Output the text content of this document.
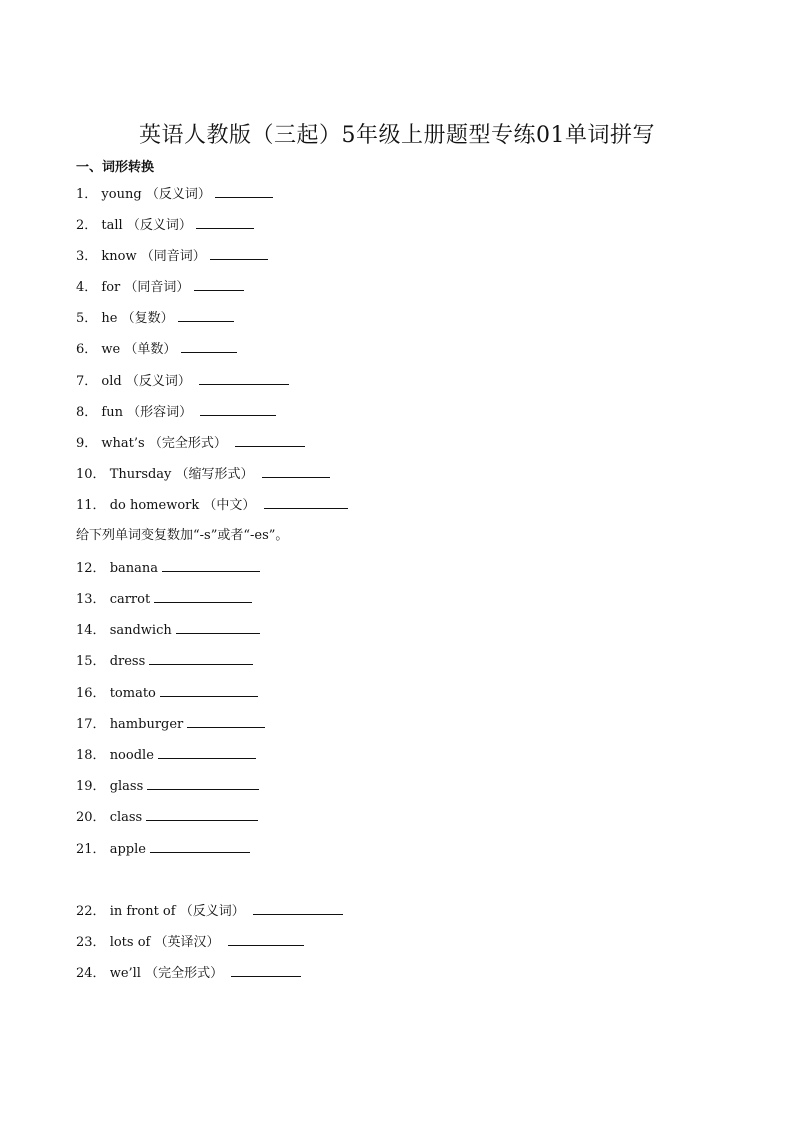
英语人教版（三起）5年级上册题型专练01单词拼写
一、词形转换
1． young （反义词）
2． tall （反义词）
3． know （同音词）
4． for （同音词）
5． he （复数）
6． we （单数）
7． old （反义词）
8． fun （形容词）
9． what’s （完全形式）
10． Thursday （缩写形式）
11． do homework （中文）
给下列单词变复数加“-s”或者“-es”。
12． banana
13． carrot
14． sandwich
15． dress
16． tomato
17． hamburger
18． noodle
19． glass
20． class
21． apple
22． in front of （反义词）
23． lots of （英译汉）
24． we’ll （完全形式）
